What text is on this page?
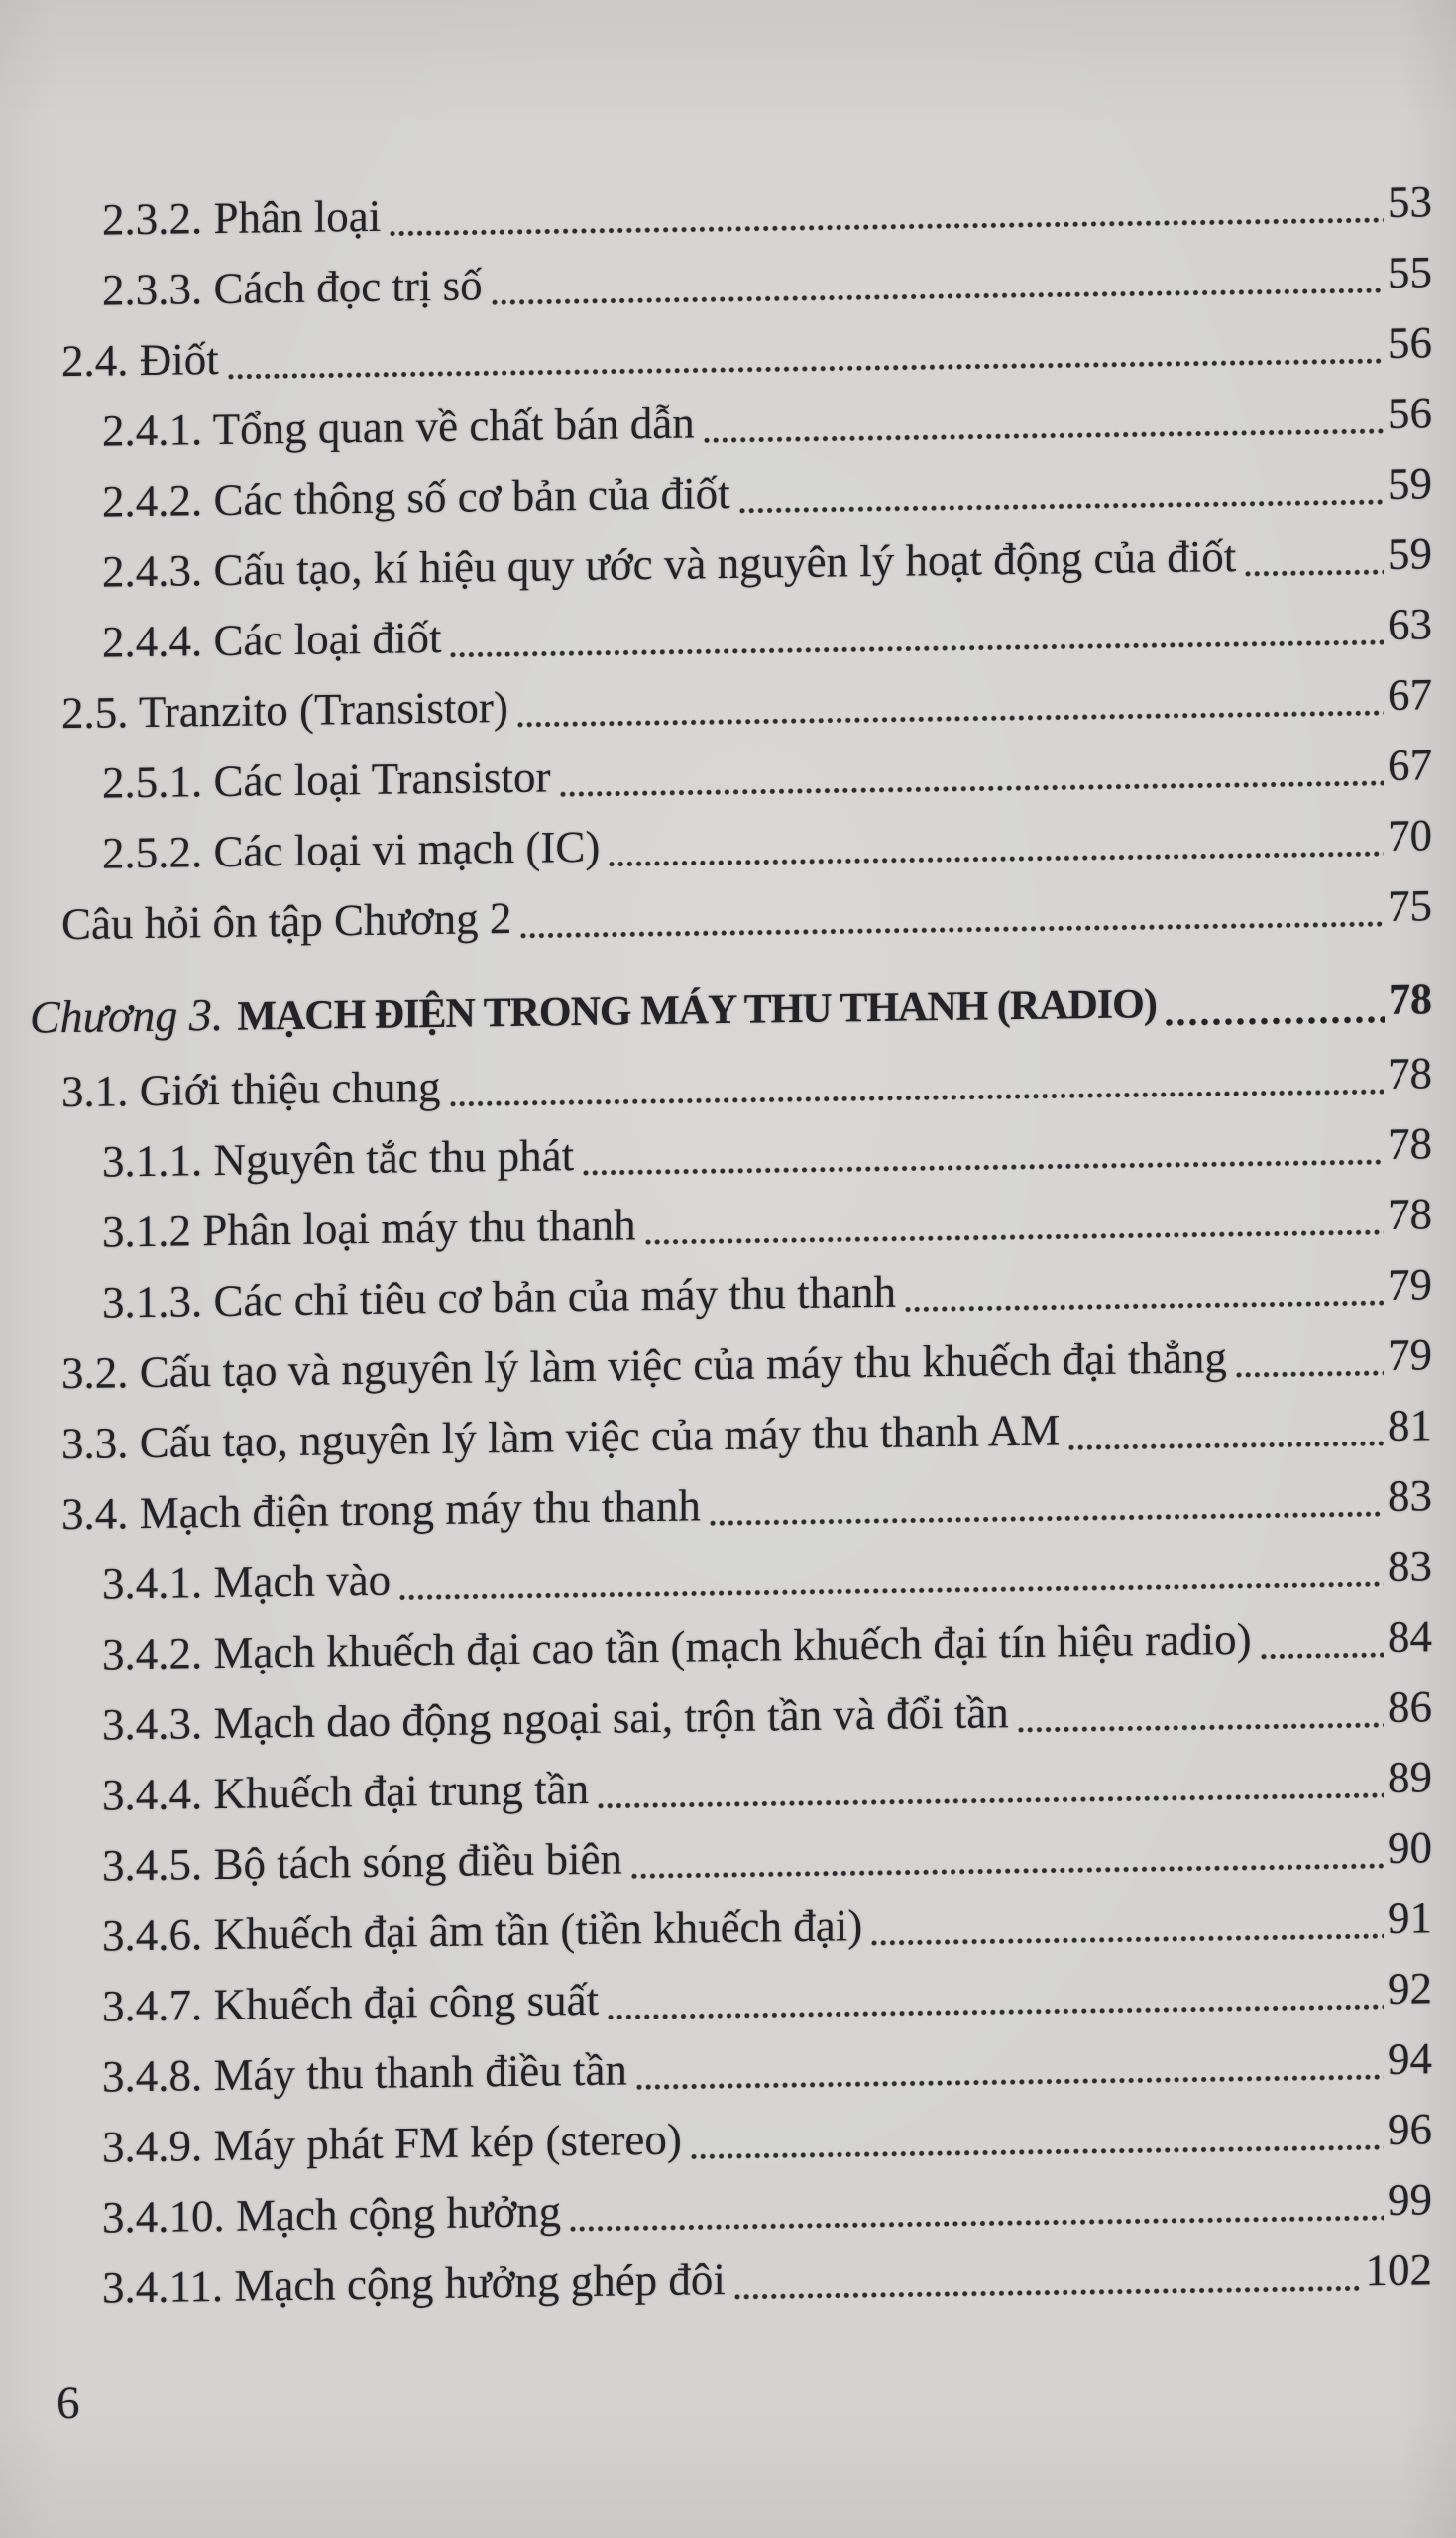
2.3.2. Phân loại	53
2.3.3. Cách đọc trị số	55
2.4. Điốt	56
2.4.1. Tổng quan về chất bán dẫn	56
2.4.2. Các thông số cơ bản của điốt	59
2.4.3. Cấu tạo, kí hiệu quy ước và nguyên lý hoạt động của điốt	59
2.4.4. Các loại điốt	63
2.5. Tranzito (Transistor)	67
2.5.1. Các loại Transistor	67
2.5.2. Các loại vi mạch (IC)	70
Câu hỏi ôn tập Chương 2	75
Chương 3. MẠCH ĐIỆN TRONG MÁY THU THANH (RADIO)	78
3.1. Giới thiệu chung	78
3.1.1. Nguyên tắc thu phát	78
3.1.2 Phân loại máy thu thanh	78
3.1.3. Các chỉ tiêu cơ bản của máy thu thanh	79
3.2. Cấu tạo và nguyên lý làm việc của máy thu khuếch đại thẳng	79
3.3. Cấu tạo, nguyên lý làm việc của máy thu thanh AM	81
3.4. Mạch điện trong máy thu thanh	83
3.4.1. Mạch vào	83
3.4.2. Mạch khuếch đại cao tần (mạch khuếch đại tín hiệu radio)	84
3.4.3. Mạch dao động ngoại sai, trộn tần và đổi tần	86
3.4.4. Khuếch đại trung tần	89
3.4.5. Bộ tách sóng điều biên	90
3.4.6. Khuếch đại âm tần (tiền khuếch đại)	91
3.4.7. Khuếch đại công suất	92
3.4.8. Máy thu thanh điều tần	94
3.4.9. Máy phát FM kép (stereo)	96
3.4.10. Mạch cộng hưởng	99
3.4.11. Mạch cộng hưởng ghép đôi	102
6
